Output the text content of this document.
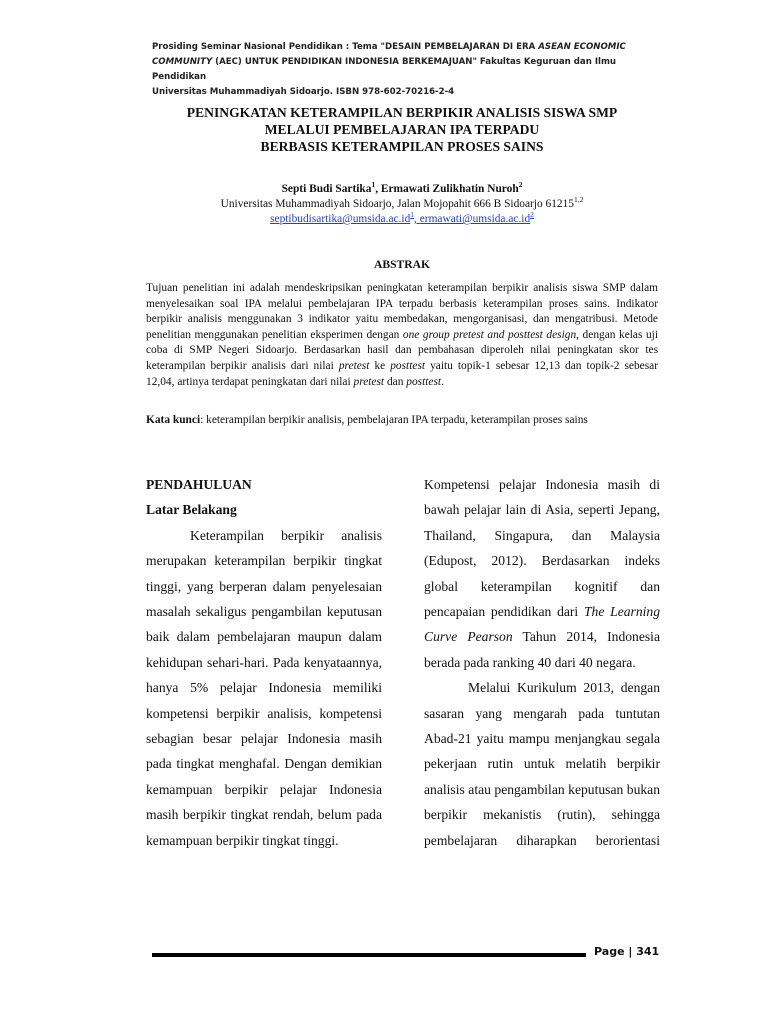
Prosiding Seminar Nasional Pendidikan : Tema "DESAIN PEMBELAJARAN DI ERA ASEAN ECONOMIC
COMMUNITY (AEC) UNTUK PENDIDIKAN INDONESIA BERKEMAJUAN" Fakultas Keguruan dan Ilmu Pendidikan
Universitas Muhammadiyah Sidoarjo. ISBN 978-602-70216-2-4
PENINGKATAN KETERAMPILAN BERPIKIR ANALISIS SISWA SMP
MELALUI PEMBELAJARAN IPA TERPADU
BERBASIS KETERAMPILAN PROSES SAINS
Septi Budi Sartika$^1$, Ermawati Zulikhatin Nuroh$^2$
Universitas Muhammadiyah Sidoarjo, Jalan Mojopahit 666 B Sidoarjo 61215$^{1,2}$
$septibudisartika@umsida.ac.id^1$, $ermawati@umsida.ac.id^2$
ABSTRAK

Tujuan penelitian ini adalah mendeskripsikan peningkatan keterampilan berpikir analisis siswa SMP dalam menyelesaikan soal IPA melalui pembelajaran IPA terpadu berbasis keterampilan proses sains. Indikator berpikir analisis menggunakan 3 indikator yaitu membedakan, mengorganisasi, dan mengatribusi. Metode penelitian menggunakan penelitian eksperimen dengan one group pretest and posttest design, dengan kelas uji coba di SMP Negeri Sidoarjo. Berdasarkan hasil dan pembahasan diperoleh nilai peningkatan skor tes keterampilan berpikir analisis dari nilai pretest ke posttest yaitu topik-1 sebesar 12,13 dan topik-2 sebesar 12,04, artinya terdapat peningkatan dari nilai pretest dan posttest.

Kata kunci: keterampilan berpikir analisis, pembelajaran IPA terpadu, keterampilan proses sains

PENDAHULUAN
Latar Belakang

Keterampilan berpikir analisis merupakan keterampilan berpikir tingkat tinggi, yang berperan dalam penyelesaian masalah sekaligus pengambilan keputusan baik dalam pembelajaran maupun dalam kehidupan sehari-hari. Pada kenyataannya, hanya 5% pelajar Indonesia memiliki kompetensi berpikir analisis, kompetensi sebagian besar pelajar Indonesia masih pada tingkat menghafal. Dengan demikian kemampuan berpikir pelajar Indonesia masih berpikir tingkat rendah, belum pada kemampuan berpikir tingkat tinggi.

Kompetensi pelajar Indonesia masih di bawah pelajar lain di Asia, seperti Jepang, Thailand, Singapura, dan Malaysia (Edupost, 2012). Berdasarkan indeks global keterampilan kognitif dan pencapaian pendidikan dari The Learning Curve Pearson Tahun 2014, Indonesia berada pada ranking 40 dari 40 negara.

Melalui Kurikulum 2013, dengan sasaran yang mengarah pada tuntutan Abad-21 yaitu mampu menjangkau segala pekerjaan rutin untuk melatih berpikir analisis atau pengambilan keputusan bukan berpikir mekanistis (rutin), sehingga pembelajaran diharapkan berorientasi

Page | 341
